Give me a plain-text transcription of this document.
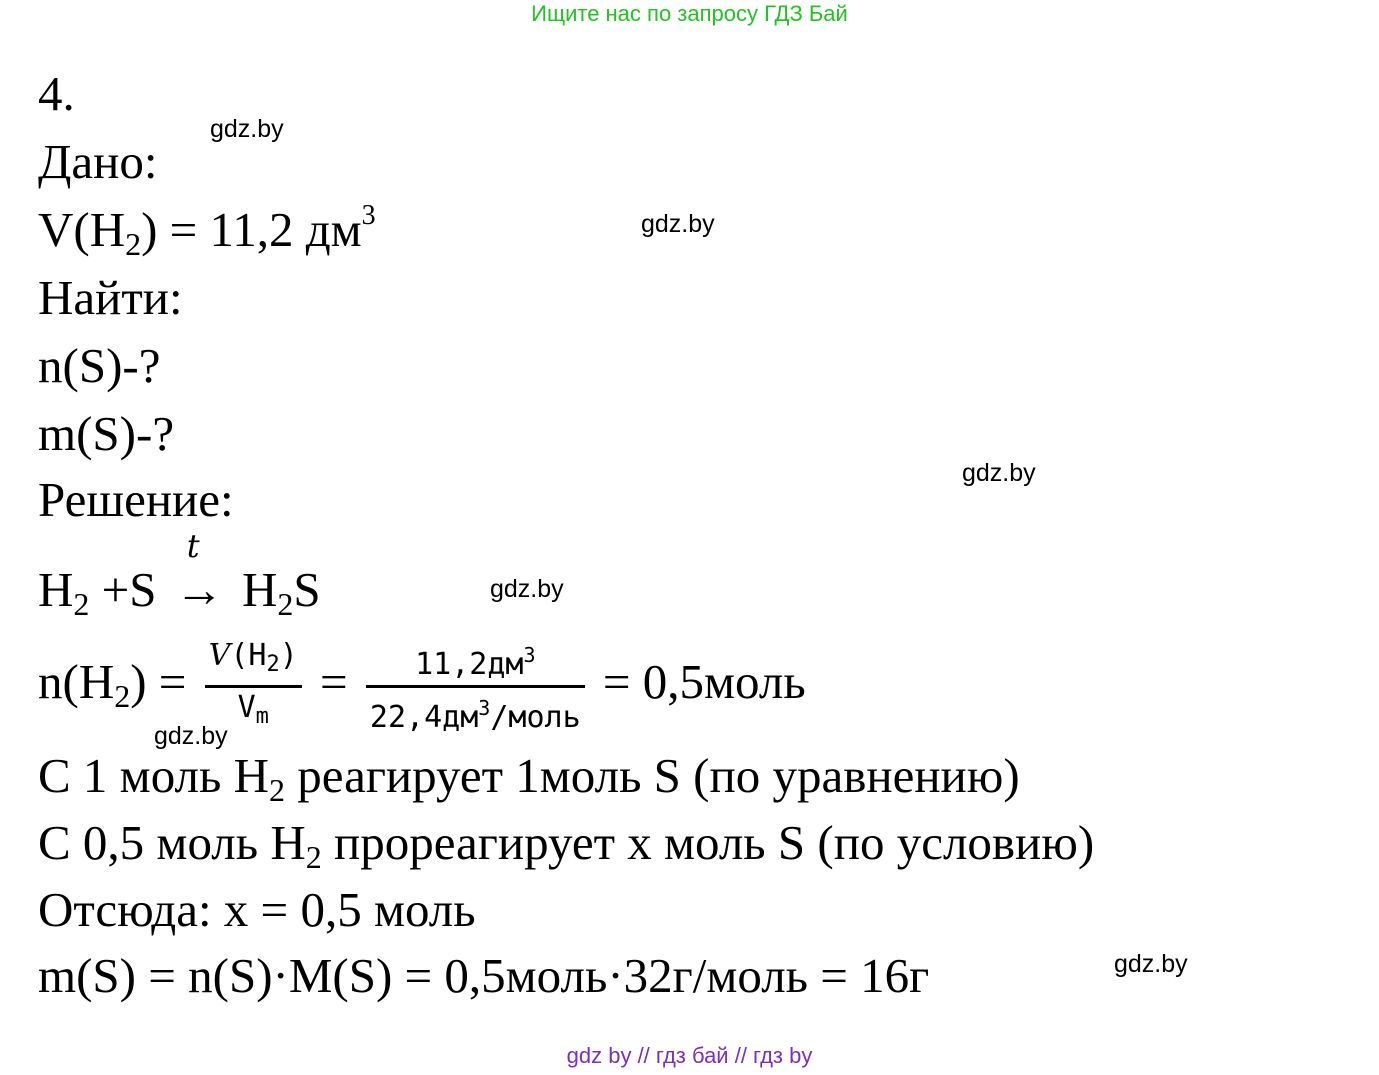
Ищите нас по запросу ГДЗ Бай
gdz.by
gdz.by
gdz.by
gdz.by
gdz.by
gdz.by
4.
Дано:
$V(H_2) = 11,2$ $дм^3$
Найти:
n(S)-?
m(S)-?
Решение:
$H_2 +S$
t
→ $H_2S$
$n(H_2) = \frac{V(H_2)}{V_m} = \frac{11,2дм^3}{22,4дм^3/моль}$ = 0,5моль
С 1 моль $H_2$ реагирует 1моль S (по уравнению)
С 0,5 моль $H_2$ прореагирует x моль S (по условию)
Отсюда: x = 0,5 моль
m(S) = n(S)·M(S) = 0,5моль·32г/моль = 16г
gdz by // гдз бай // гдз by
